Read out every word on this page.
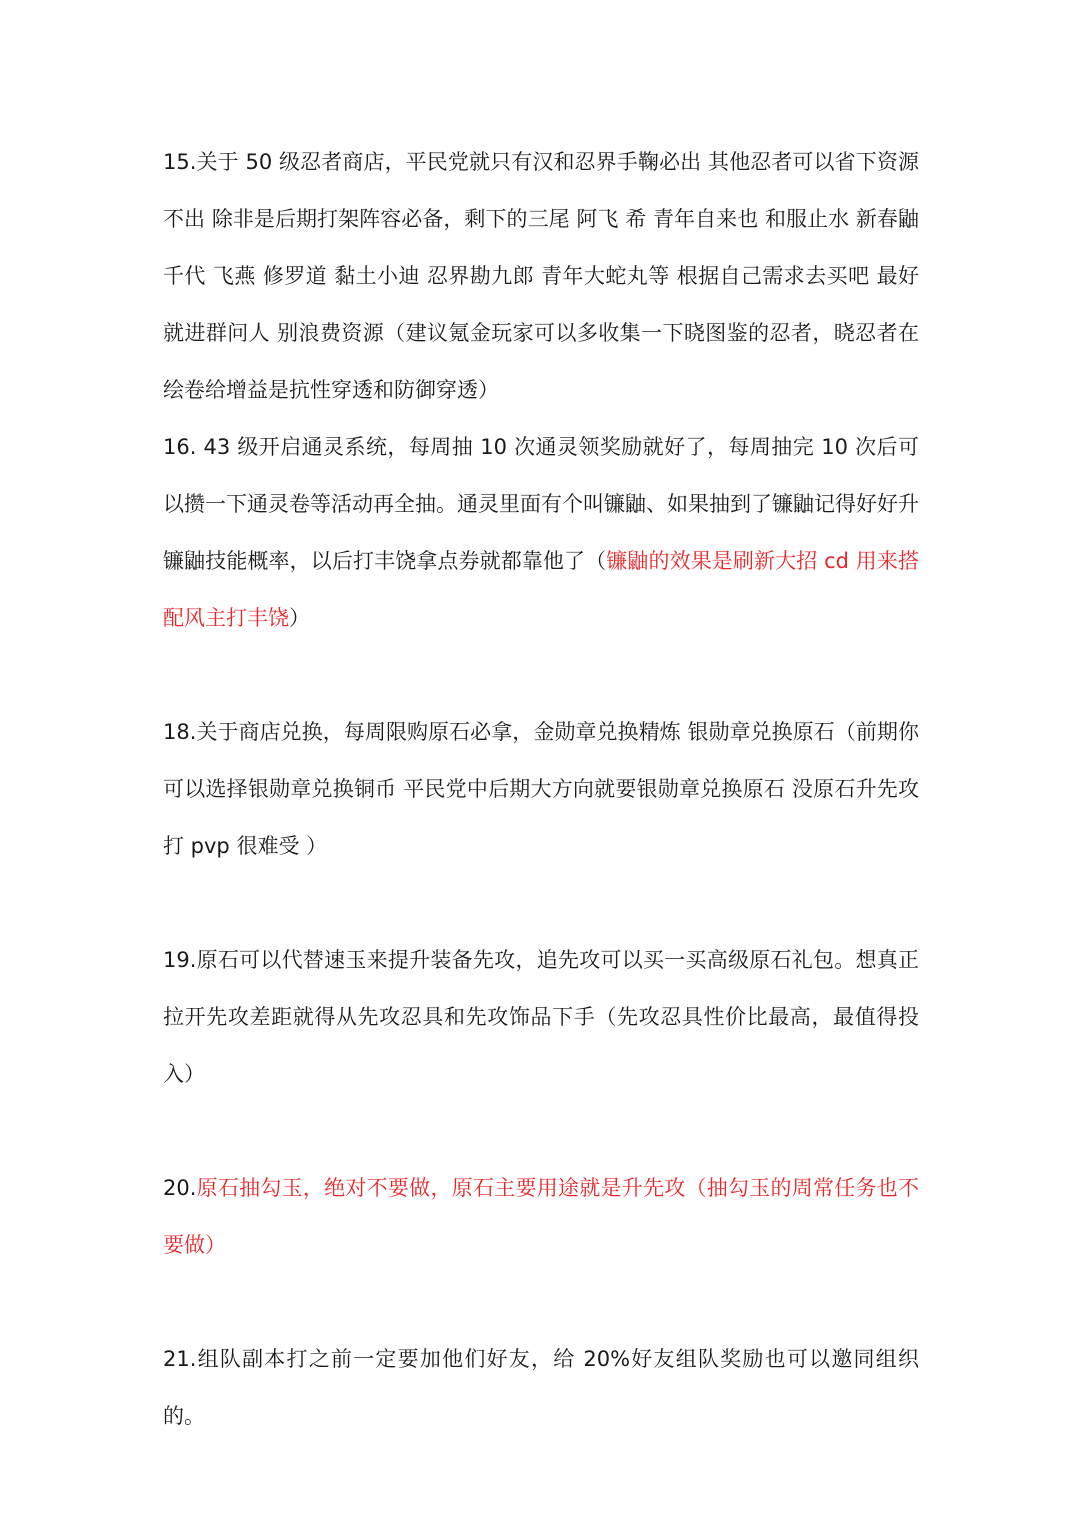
15.关于 50 级忍者商店，平民党就只有汉和忍界手鞠必出 其他忍者可以省下资源不出 除非是后期打架阵容必备，剩下的三尾 阿飞 希 青年自来也 和服止水 新春鼬 千代 飞燕 修罗道 黏土小迪 忍界勘九郎 青年大蛇丸等 根据自己需求去买吧 最好就进群问人 别浪费资源（建议氪金玩家可以多收集一下晓图鉴的忍者，晓忍者在绘卷给增益是抗性穿透和防御穿透）

16. 43 级开启通灵系统，每周抽 10 次通灵领奖励就好了，每周抽完 10 次后可以攒一下通灵卷等活动再全抽。通灵里面有个叫镰鼬、如果抽到了镰鼬记得好好升镰鼬技能概率，以后打丰饶拿点券就都靠他了（镰鼬的效果是刷新大招 cd 用来搭配风主打丰饶）

18.关于商店兑换，每周限购原石必拿，金勋章兑换精炼 银勋章兑换原石（前期你可以选择银勋章兑换铜币 平民党中后期大方向就要银勋章兑换原石 没原石升先攻打 pvp 很难受 ）

19.原石可以代替速玉来提升装备先攻，追先攻可以买一买高级原石礼包。想真正拉开先攻差距就得从先攻忍具和先攻饰品下手（先攻忍具性价比最高，最值得投入）

20.原石抽勾玉，绝对不要做，原石主要用途就是升先攻（抽勾玉的周常任务也不要做）

21.组队副本打之前一定要加他们好友，给 20%好友组队奖励也可以邀同组织的。
